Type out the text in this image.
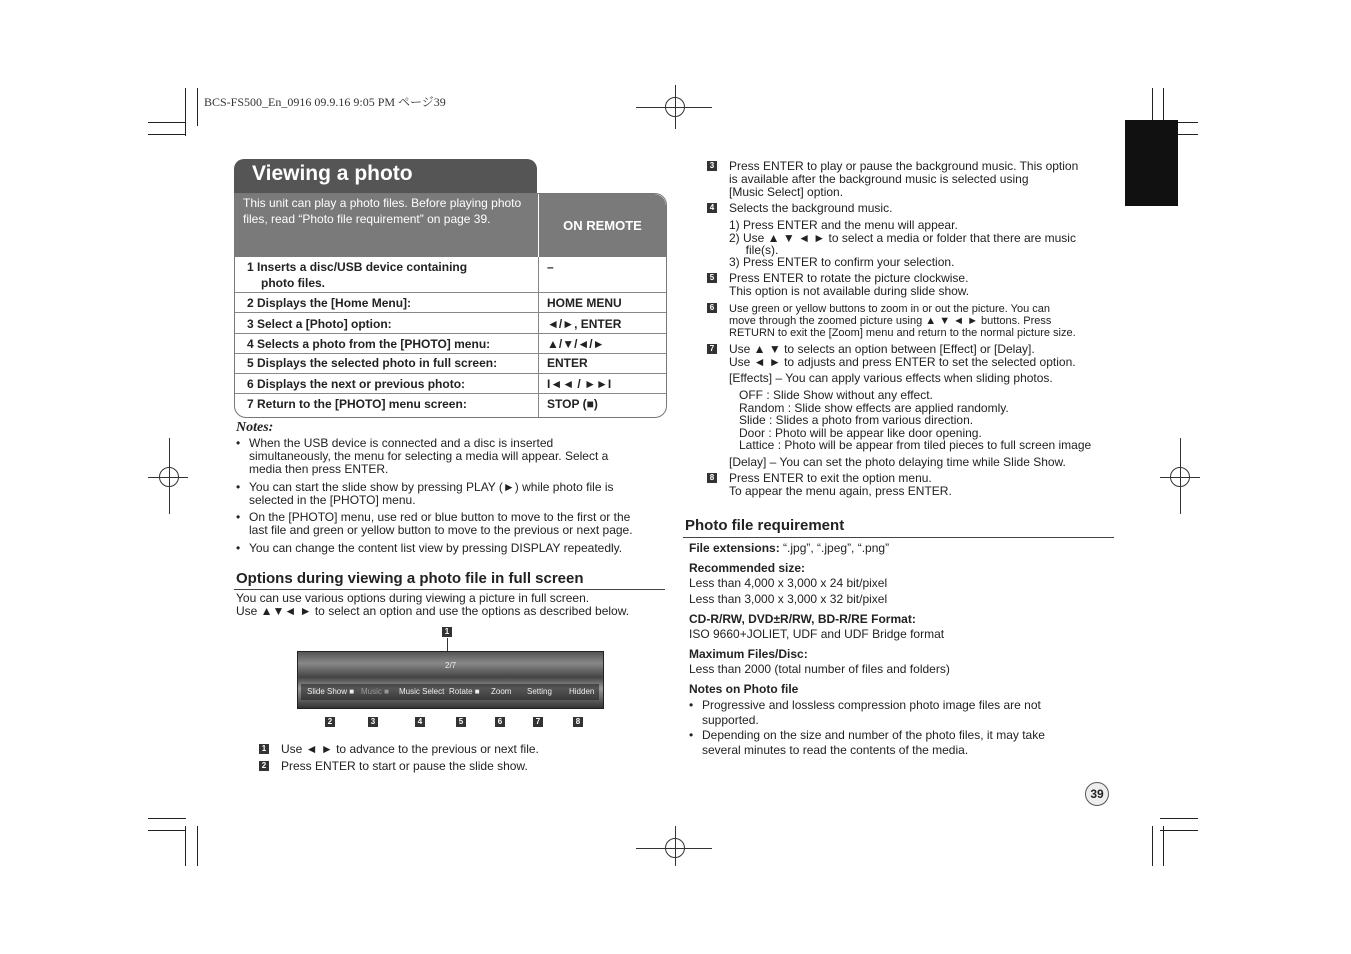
BCS-FS500_En_0916 09.9.16 9:05 PM ページ39
Viewing a photo
This unit can play a photo files. Before playing photo files, read “Photo file requirement” on page 39.	ON REMOTE
1 Inserts a disc/USB device containing	–
photo files.
2 Displays the [Home Menu]:	HOME MENU
3 Select a [Photo] option:	◄/►, ENTER
4 Selects a photo from the [PHOTO] menu:	▲/▼/◄/►
5 Displays the selected photo in full screen:	ENTER
6 Displays the next or previous photo:	I◄◄ / ►►I
7 Return to the [PHOTO] menu screen:	STOP (■)
Notes:
• When the USB device is connected and a disc is inserted
simultaneously, the menu for selecting a media will appear. Select a
media then press ENTER.
• You can start the slide show by pressing PLAY (►) while photo file is
selected in the [PHOTO] menu.
• On the [PHOTO] menu, use red or blue button to move to the first or the
last file and green or yellow button to move to the previous or next page.
• You can change the content list view by pressing DISPLAY repeatedly.
Options during viewing a photo file in full screen
You can use various options during viewing a picture in full screen.
Use ▲▼◄ ► to select an option and use the options as described below.
1
2/7
Slide Show ■ Music ■ Music Select Rotate ■ Zoom Setting Hidden
2	3	4	5	6	7	8
1 Use ◄ ► to advance to the previous or next file.
2 Press ENTER to start or pause the slide show.
3 Press ENTER to play or pause the background music. This option
is available after the background music is selected using
[Music Select] option.
4 Selects the background music.
1) Press ENTER and the menu will appear.
2) Use ▲ ▼ ◄ ► to select a media or folder that there are music
file(s).
3) Press ENTER to confirm your selection.
5 Press ENTER to rotate the picture clockwise.
This option is not available during slide show.
6 Use green or yellow buttons to zoom in or out the picture. You can
move through the zoomed picture using ▲ ▼ ◄ ► buttons. Press
RETURN to exit the [Zoom] menu and return to the normal picture size.
7 Use ▲ ▼ to selects an option between [Effect] or [Delay].
Use ◄ ► to adjusts and press ENTER to set the selected option.
[Effects] – You can apply various effects when sliding photos.
OFF : Slide Show without any effect.
Random : Slide show effects are applied randomly.
Slide : Slides a photo from various direction.
Door : Photo will be appear like door opening.
Lattice : Photo will be appear from tiled pieces to full screen image
[Delay] – You can set the photo delaying time while Slide Show.
8 Press ENTER to exit the option menu.
To appear the menu again, press ENTER.
Photo file requirement
File extensions: “.jpg”, “.jpeg”, “.png”
Recommended size:
Less than 4,000 x 3,000 x 24 bit/pixel
Less than 3,000 x 3,000 x 32 bit/pixel
CD-R/RW, DVD±R/RW, BD-R/RE Format:
ISO 9660+JOLIET, UDF and UDF Bridge format
Maximum Files/Disc:
Less than 2000 (total number of files and folders)
Notes on Photo file
• Progressive and lossless compression photo image files are not
supported.
• Depending on the size and number of the photo files, it may take
several minutes to read the contents of the media.
39
